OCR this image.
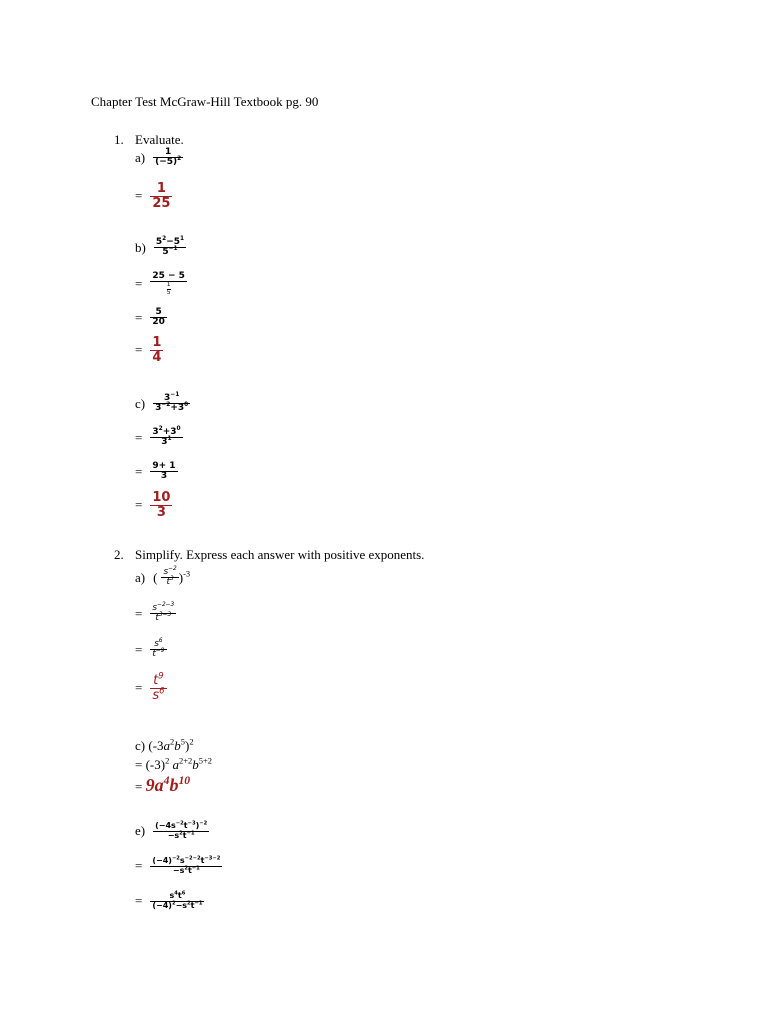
Chapter Test McGraw-Hill Textbook pg. 90
1. Evaluate.
$a) \frac{1}{(-5)^2}$
= $\frac{1}{25}$
$b) \frac{5^2-5^1}{5^{-1}}$
= $\frac{25 - 5}{\frac{1}{5}}$
= $\frac{5}{20}$
= $\frac{1}{4}$
$c) \frac{3^{-1}}{3^{-2}+3^0}$
= $\frac{3^2+3^0}{3^1}$
= $\frac{9+ 1}{3}$
= $\frac{10}{3}$
2. Simplify. Express each answer with positive exponents.
a) ( $\frac{s^{-2}}{t^3} )^{-3}$
= $\frac{s^{-2-3}}{t^{3-3}}$
= $\frac{s^6}{t^{-9}}$
= $\frac{t^9}{s^6}$
c) $(-3a^2b^5)^2$
= $(-3)^2$ $a^{2+2}b^{5+2}$
= $9a^4b^{10}$
$e) \frac{(-4s^{-2}t^{-3})^{-2}}{-s^2t^{-1}}$
= $\frac{(-4)^{-2}s^{-2-2}t^{-3-2}}{-s^2t^{-1}}$
= $\frac{s^4t^6}{(-4)^2-s^2t^{-1}}$
